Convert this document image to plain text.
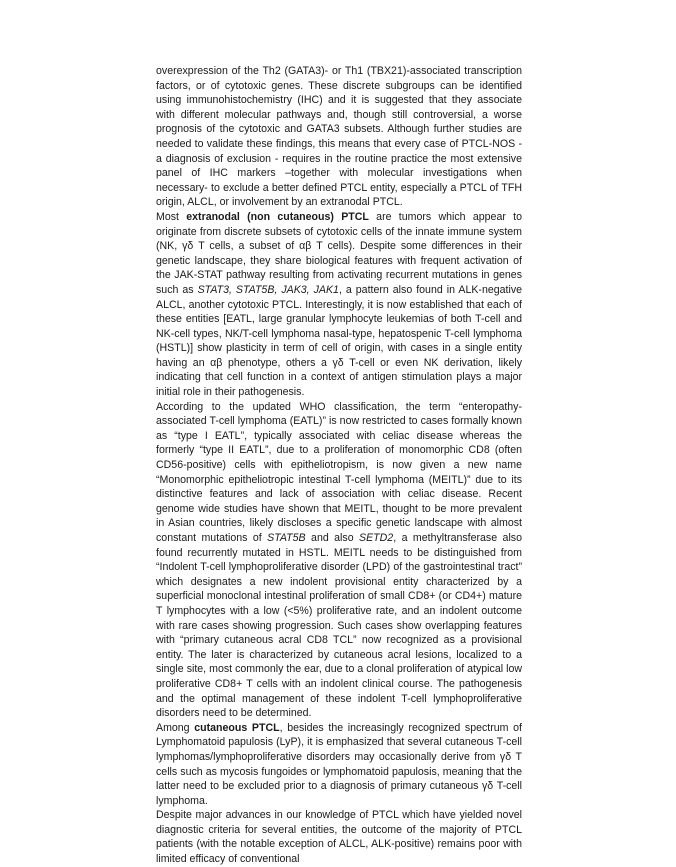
overexpression of the Th2 (GATA3)- or Th1 (TBX21)-associated transcription factors, or of cytotoxic genes. These discrete subgroups can be identified using immunohistochemistry (IHC) and it is suggested that they associate with different molecular pathways and, though still controversial, a worse prognosis of the cytotoxic and GATA3 subsets. Although further studies are needed to validate these findings, this means that every case of PTCL-NOS - a diagnosis of exclusion - requires in the routine practice the most extensive panel of IHC markers –together with molecular investigations when necessary- to exclude a better defined PTCL entity, especially a PTCL of TFH origin, ALCL, or involvement by an extranodal PTCL.

Most extranodal (non cutaneous) PTCL are tumors which appear to originate from discrete subsets of cytotoxic cells of the innate immune system (NK, γδ T cells, a subset of αβ T cells). Despite some differences in their genetic landscape, they share biological features with frequent activation of the JAK-STAT pathway resulting from activating recurrent mutations in genes such as STAT3, STAT5B, JAK3, JAK1, a pattern also found in ALK-negative ALCL, another cytotoxic PTCL. Interestingly, it is now established that each of these entities [EATL, large granular lymphocyte leukemias of both T-cell and NK-cell types, NK/T-cell lymphoma nasal-type, hepatospenic T-cell lymphoma (HSTL)] show plasticity in term of cell of origin, with cases in a single entity having an αβ phenotype, others a γδ T-cell or even NK derivation, likely indicating that cell function in a context of antigen stimulation plays a major initial role in their pathogenesis.

According to the updated WHO classification, the term “enteropathy-associated T-cell lymphoma (EATL)” is now restricted to cases formally known as “type I EATL”, typically associated with celiac disease whereas the formerly “type II EATL”, due to a proliferation of monomorphic CD8 (often CD56-positive) cells with epitheliotropism, is now given a new name “Monomorphic epitheliotropic intestinal T-cell lymphoma (MEITL)” due to its distinctive features and lack of association with celiac disease. Recent genome wide studies have shown that MEITL, thought to be more prevalent in Asian countries, likely discloses a specific genetic landscape with almost constant mutations of STAT5B and also SETD2, a methyltransferase also found recurrently mutated in HSTL. MEITL needs to be distinguished from “Indolent T-cell lymphoproliferative disorder (LPD) of the gastrointestinal tract” which designates a new indolent provisional entity characterized by a superficial monoclonal intestinal proliferation of small CD8+ (or CD4+) mature T lymphocytes with a low (<5%) proliferative rate, and an indolent outcome with rare cases showing progression. Such cases show overlapping features with “primary cutaneous acral CD8 TCL” now recognized as a provisional entity. The later is characterized by cutaneous acral lesions, localized to a single site, most commonly the ear, due to a clonal proliferation of atypical low proliferative CD8+ T cells with an indolent clinical course. The pathogenesis and the optimal management of these indolent T-cell lymphoproliferative disorders need to be determined.

Among cutaneous PTCL, besides the increasingly recognized spectrum of Lymphomatoid papulosis (LyP), it is emphasized that several cutaneous T-cell lymphomas/lymphoproliferative disorders may occasionally derive from γδ T cells such as mycosis fungoides or lymphomatoid papulosis, meaning that the latter need to be excluded prior to a diagnosis of primary cutaneous γδ T-cell lymphoma.

Despite major advances in our knowledge of PTCL which have yielded novel diagnostic criteria for several entities, the outcome of the majority of PTCL patients (with the notable exception of ALCL, ALK-positive) remains poor with limited efficacy of conventional
